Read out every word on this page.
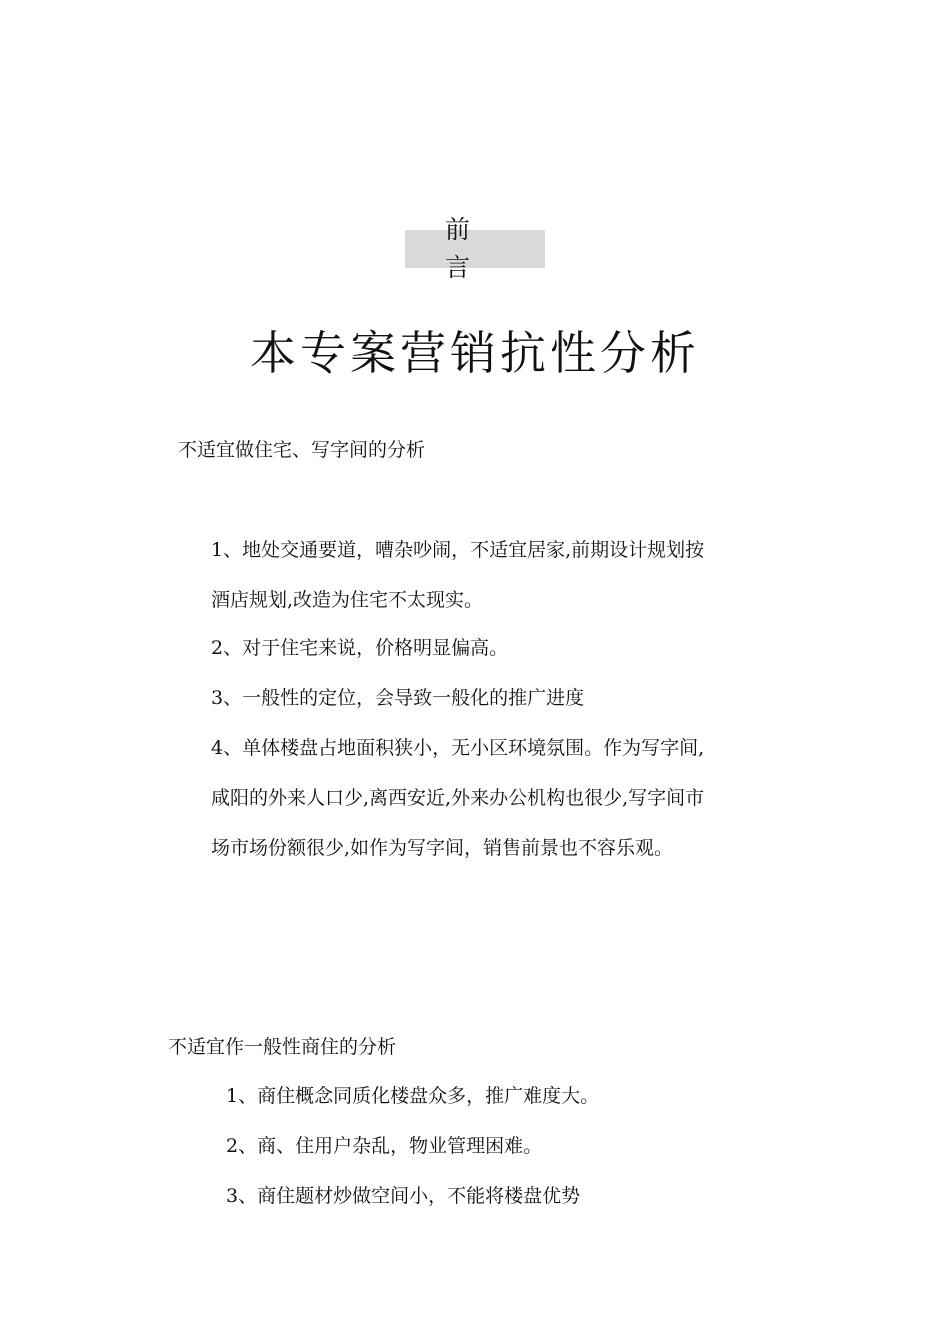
前言
本专案营销抗性分析
不适宜做住宅、写字间的分析
1、地处交通要道，嘈杂吵闹，不适宜居家,前期设计规划按
酒店规划,改造为住宅不太现实。
2、对于住宅来说，价格明显偏高。
3、一般性的定位，会导致一般化的推广进度
4、单体楼盘占地面积狭小，无小区环境氛围。作为写字间,
咸阳的外来人口少,离西安近,外来办公机构也很少,写字间市
场市场份额很少,如作为写字间，销售前景也不容乐观。
不适宜作一般性商住的分析
1、商住概念同质化楼盘众多，推广难度大。
2、商、住用户杂乱，物业管理困难。
3、商住题材炒做空间小，不能将楼盘优势
